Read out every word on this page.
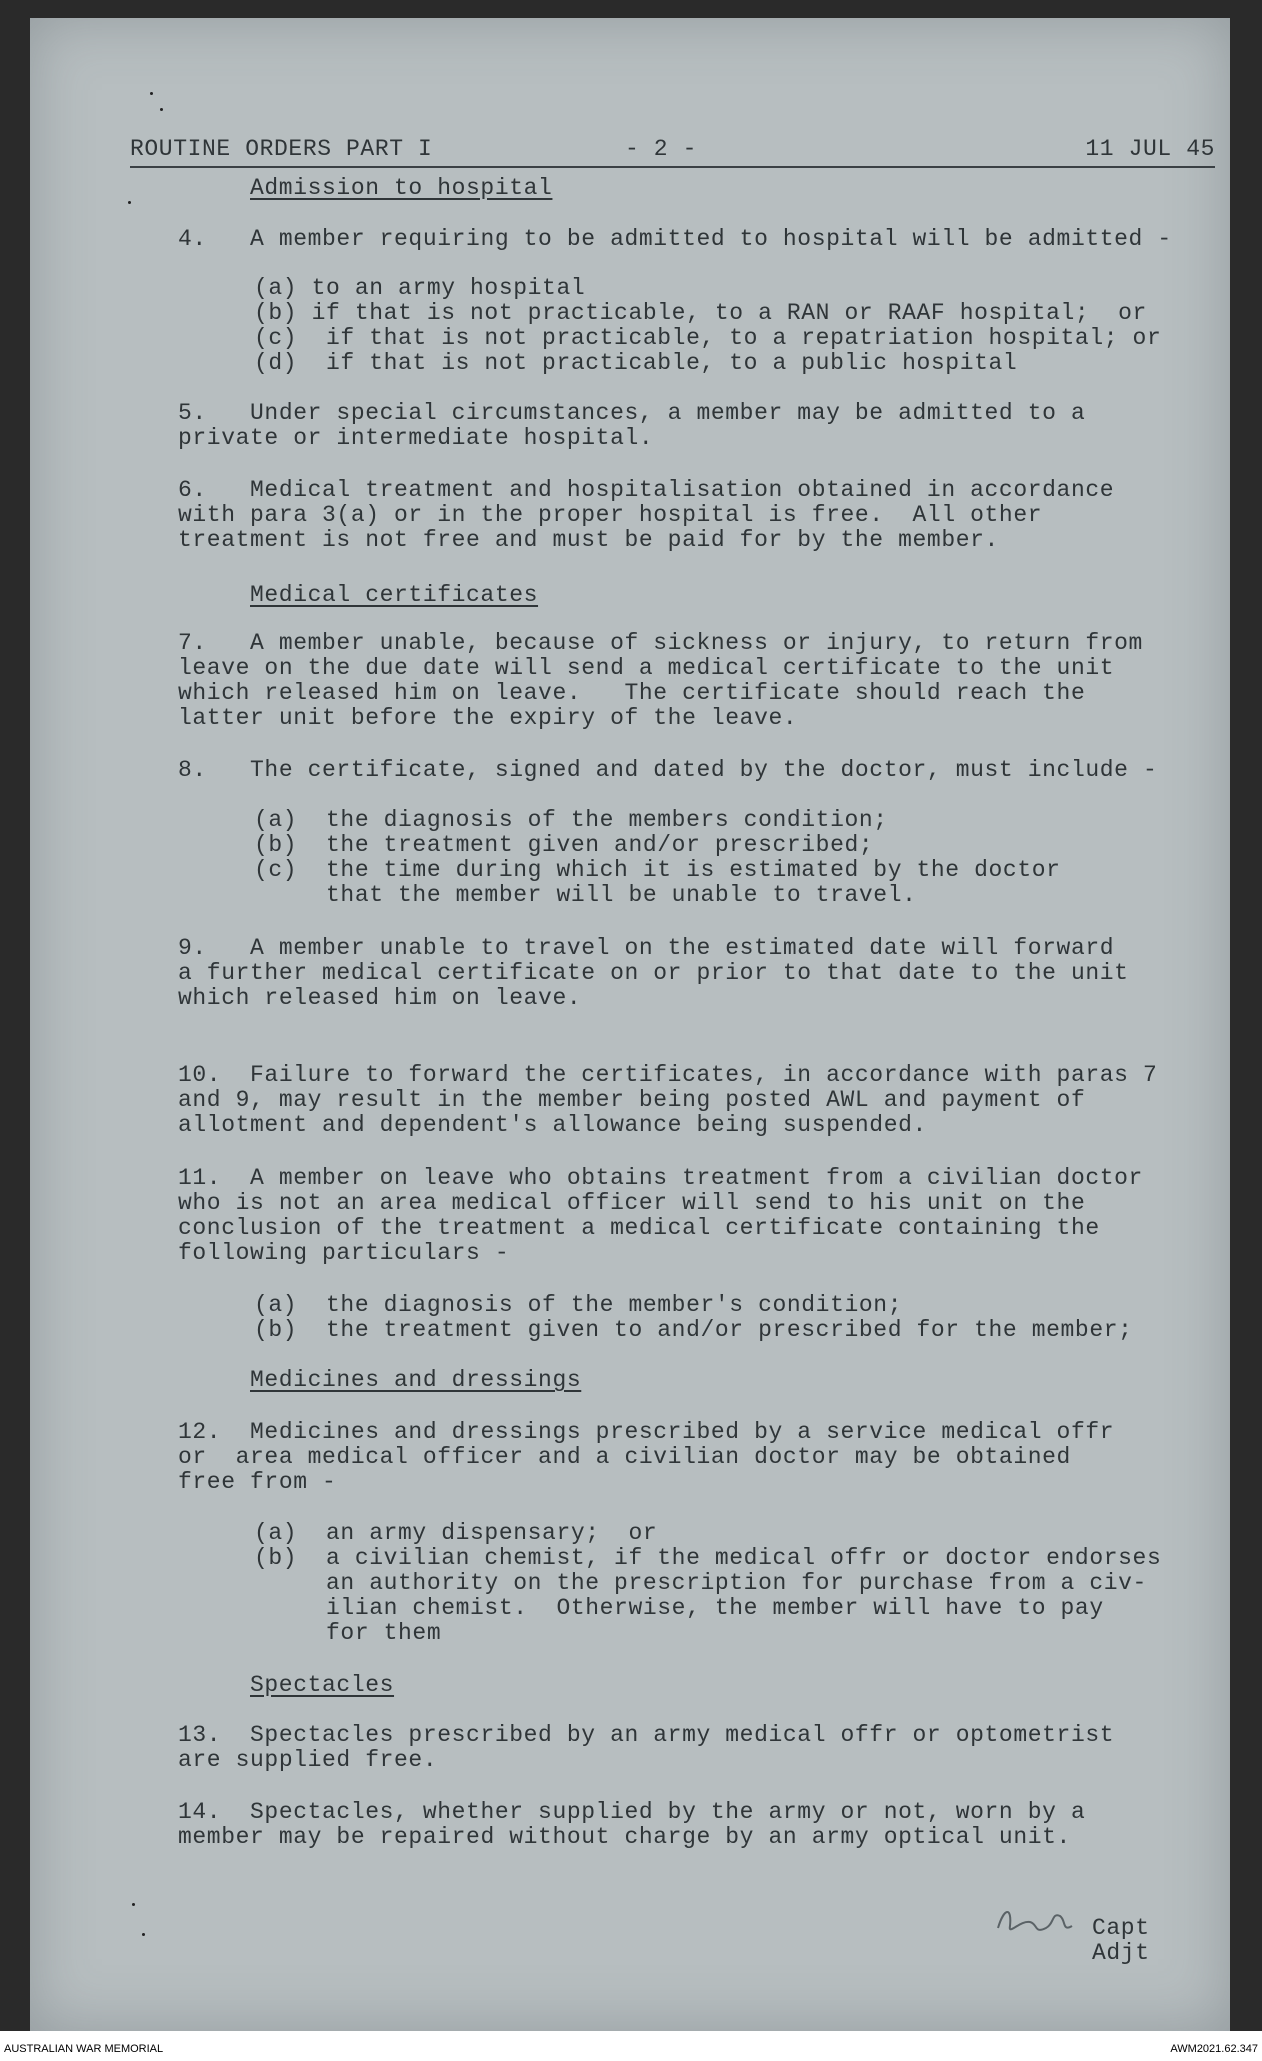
ROUTINE ORDERS PART I	- 2 -	11 JUL 45
Admission to hospital
4.   A member requiring to be admitted to hospital will be admitted -
(a) to an army hospital
(b) if that is not practicable, to a RAN or RAAF hospital;  or
(c)  if that is not practicable, to a repatriation hospital; or
(d)  if that is not practicable, to a public hospital
5.   Under special circumstances, a member may be admitted to a
private or intermediate hospital.
6.   Medical treatment and hospitalisation obtained in accordance
with para 3(a) or in the proper hospital is free.  All other
treatment is not free and must be paid for by the member.
Medical certificates
7.   A member unable, because of sickness or injury, to return from
leave on the due date will send a medical certificate to the unit
which released him on leave.   The certificate should reach the
latter unit before the expiry of the leave.
8.   The certificate, signed and dated by the doctor, must include -
(a)  the diagnosis of the members condition;
(b)  the treatment given and/or prescribed;
(c)  the time during which it is estimated by the doctor
that the member will be unable to travel.
9.   A member unable to travel on the estimated date will forward
a further medical certificate on or prior to that date to the unit
which released him on leave.
10.  Failure to forward the certificates, in accordance with paras 7
and 9, may result in the member being posted AWL and payment of
allotment and dependent's allowance being suspended.
11.  A member on leave who obtains treatment from a civilian doctor
who is not an area medical officer will send to his unit on the
conclusion of the treatment a medical certificate containing the
following particulars -
(a)  the diagnosis of the member's condition;
(b)  the treatment given to and/or prescribed for the member;
Medicines and dressings
12.  Medicines and dressings prescribed by a service medical offr
or  area medical officer and a civilian doctor may be obtained
free from -
(a)  an army dispensary;  or
(b)  a civilian chemist, if the medical offr or doctor endorses
an authority on the prescription for purchase from a civ-
ilian chemist.  Otherwise, the member will have to pay
for them
Spectacles
13.  Spectacles prescribed by an army medical offr or optometrist
are supplied free.
14.  Spectacles, whether supplied by the army or not, worn by a
member may be repaired without charge by an army optical unit.
Capt
Adjt
AUSTRALIAN WAR MEMORIAL	AWM2021.62.347
